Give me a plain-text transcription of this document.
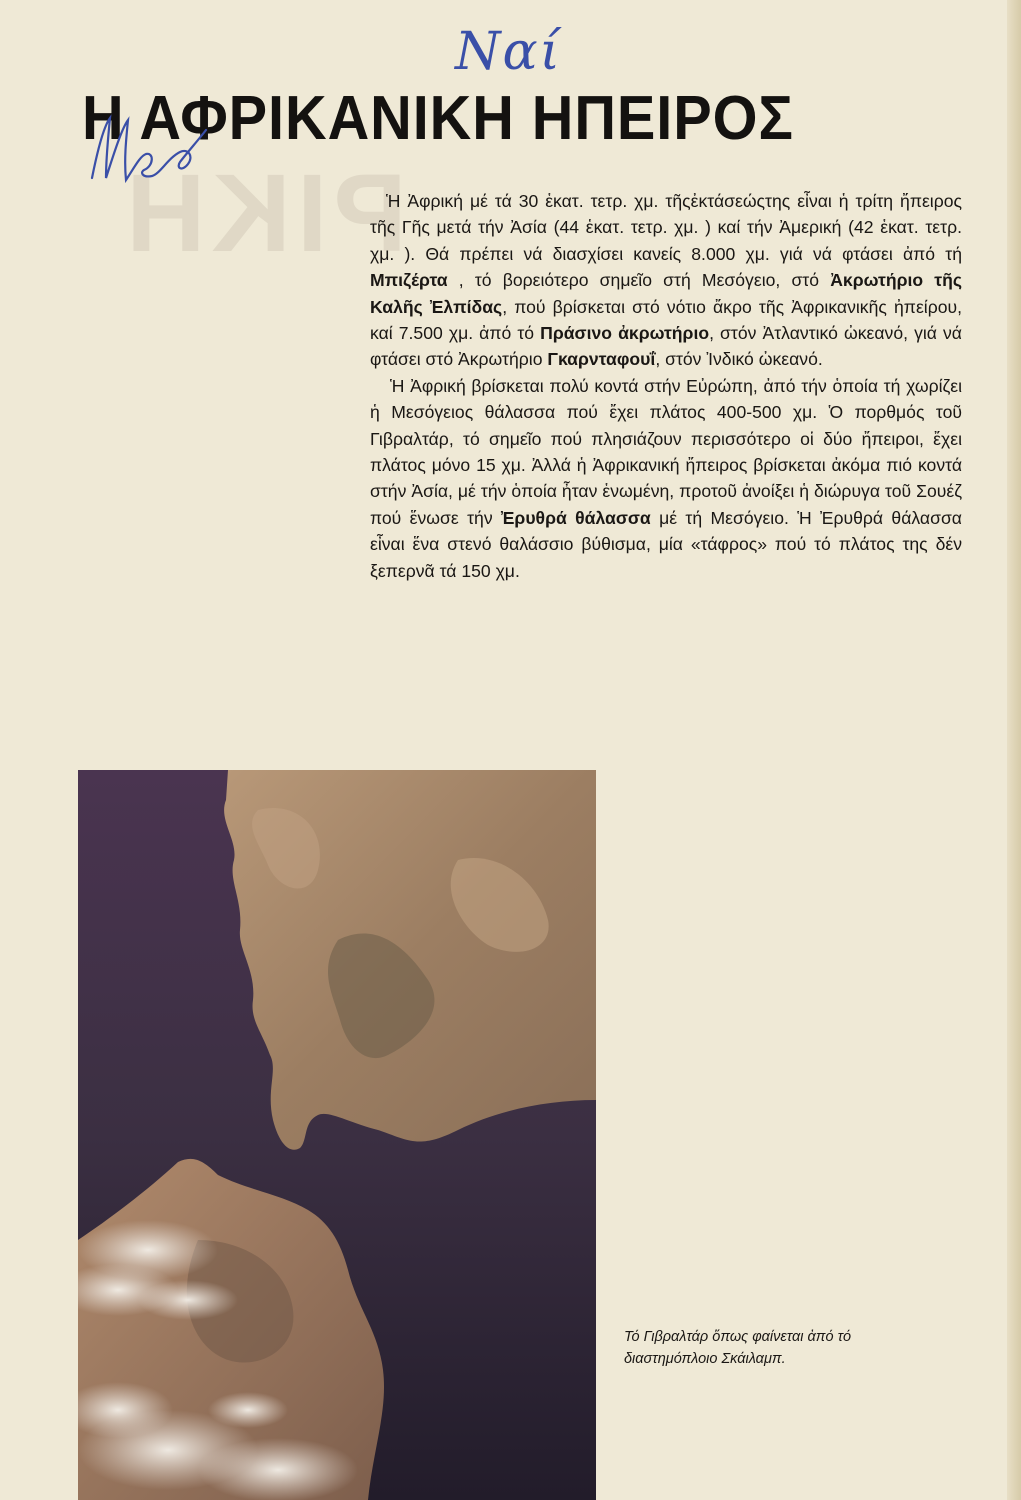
ΡΙΚΗ
Ναί
Η ΑΦΡΙΚΑΝΙΚΗ ΗΠΕΙΡΟΣ

Ἡ Ἀφρική μέ τά 30 ἑκατ. τετρ. χμ. τῆςἐκτάσεώςτης εἶναι ἡ τρίτη ἤπειρος τῆς Γῆς μετά τήν Ἀσία (44 ἑκατ. τετρ. χμ. ) καί τήν Ἀμερική (42 ἑκατ. τετρ. χμ. ). Θά πρέπει νά διασχίσει κανείς 8.000 χμ. γιά νά φτάσει ἀπό τή Μπιζέρτα , τό βορειότερο σημεῖο στή Μεσόγειο, στό Ἀκρωτήριο τῆς Καλῆς Ἐλπίδας, πού βρίσκεται στό νότιο ἄκρο τῆς Ἀφρικανικῆς ἠπείρου, καί 7.500 χμ. ἀπό τό Πράσινο ἀκρωτήριο, στόν Ἀτλαντικό ὠκεανό, γιά νά φτάσει στό Ἀκρωτήριο Γκαρνταφουΐ, στόν Ἰνδικό ὠκεανό.

Ἡ Ἀφρική βρίσκεται πολύ κοντά στήν Εὐρώπη, ἀπό τήν ὁποία τή χωρίζει ἡ Μεσόγειος θάλασσα πού ἔχει πλάτος 400-500 χμ. Ὁ πορθμός τοῦ Γιβραλτάρ, τό σημεῖο πού πλησιάζουν περισσότερο οἱ δύο ἤπειροι, ἔχει πλάτος μόνο 15 χμ. Ἀλλά ἡ Ἀφρικανική ἤπειρος βρίσκεται ἀκόμα πιό κοντά στήν Ἀσία, μέ τήν ὁποία ἦταν ἑνωμένη, προτοῦ ἀνοίξει ἡ διώρυγα τοῦ Σουέζ πού ἕνωσε τήν Ἐρυθρά θάλασσα μέ τή Μεσόγειο. Ἡ Ἐρυθρά θάλασσα εἶναι ἕνα στενό θαλάσσιο βύθισμα, μία «τάφρος» πού τό πλάτος της δέν ξεπερνᾶ τά 150 χμ.

Τό Γιβραλτάρ ὅπως φαίνεται ἀπό τό διαστημόπλοιο Σκάιλαμπ.
